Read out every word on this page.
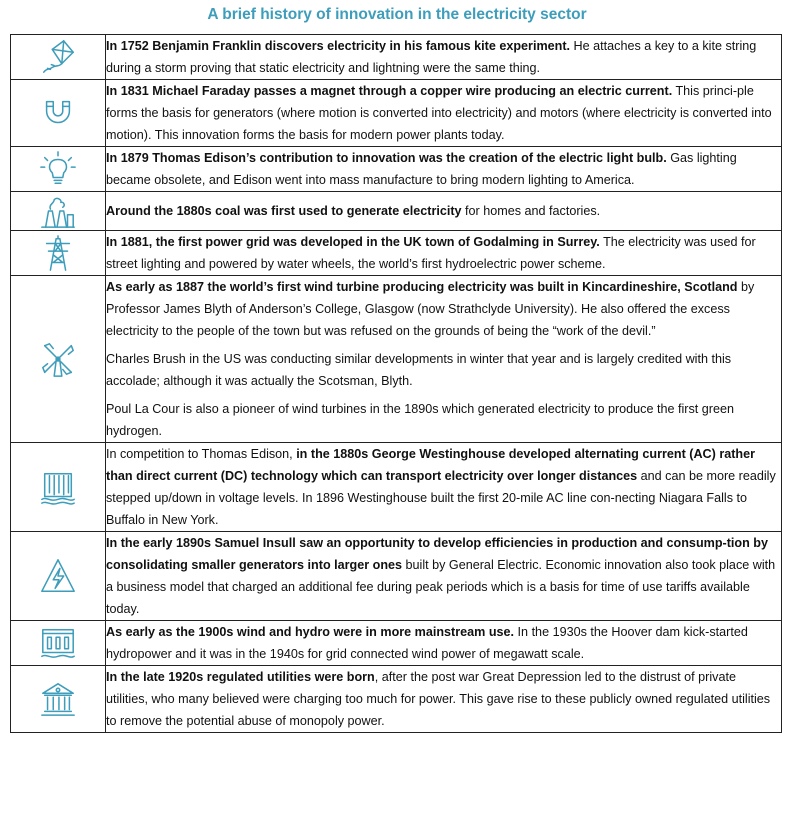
A brief history of innovation in the electricity sector

In 1752 Benjamin Franklin discovers electricity in his famous kite experiment. He attaches a key to a kite string during a storm proving that static electricity and lightning were the same thing.

In 1831 Michael Faraday passes a magnet through a copper wire producing an electric current. This princi-ple forms the basis for generators (where motion is converted into electricity) and motors (where electricity is converted into motion). This innovation forms the basis for modern power plants today.

In 1879 Thomas Edison’s contribution to innovation was the creation of the electric light bulb. Gas lighting became obsolete, and Edison went into mass manufacture to bring modern lighting to America.

Around the 1880s coal was first used to generate electricity for homes and factories.

In 1881, the first power grid was developed in the UK town of Godalming in Surrey. The electricity was used for street lighting and powered by water wheels, the world’s first hydroelectric power scheme.

As early as 1887 the world’s first wind turbine producing electricity was built in Kincardineshire, Scotland by Professor James Blyth of Anderson’s College, Glasgow (now Strathclyde University). He also offered the excess electricity to the people of the town but was refused on the grounds of being the “work of the devil.”

Charles Brush in the US was conducting similar developments in winter that year and is largely credited with this accolade; although it was actually the Scotsman, Blyth.

Poul La Cour is also a pioneer of wind turbines in the 1890s which generated electricity to produce the first green hydrogen.

In competition to Thomas Edison, in the 1880s George Westinghouse developed alternating current (AC) rather than direct current (DC) technology which can transport electricity over longer distances and can be more readily stepped up/down in voltage levels. In 1896 Westinghouse built the first 20-mile AC line con-necting Niagara Falls to Buffalo in New York.

In the early 1890s Samuel Insull saw an opportunity to develop efficiencies in production and consump-tion by consolidating smaller generators into larger ones built by General Electric. Economic innovation also took place with a business model that charged an additional fee during peak periods which is a basis for time of use tariffs available today.

As early as the 1900s wind and hydro were in more mainstream use. In the 1930s the Hoover dam kick-started hydropower and it was in the 1940s for grid connected wind power of megawatt scale.

In the late 1920s regulated utilities were born, after the post war Great Depression led to the distrust of private utilities, who many believed were charging too much for power. This gave rise to these publicly owned regulated utilities to remove the potential abuse of monopoly power.
